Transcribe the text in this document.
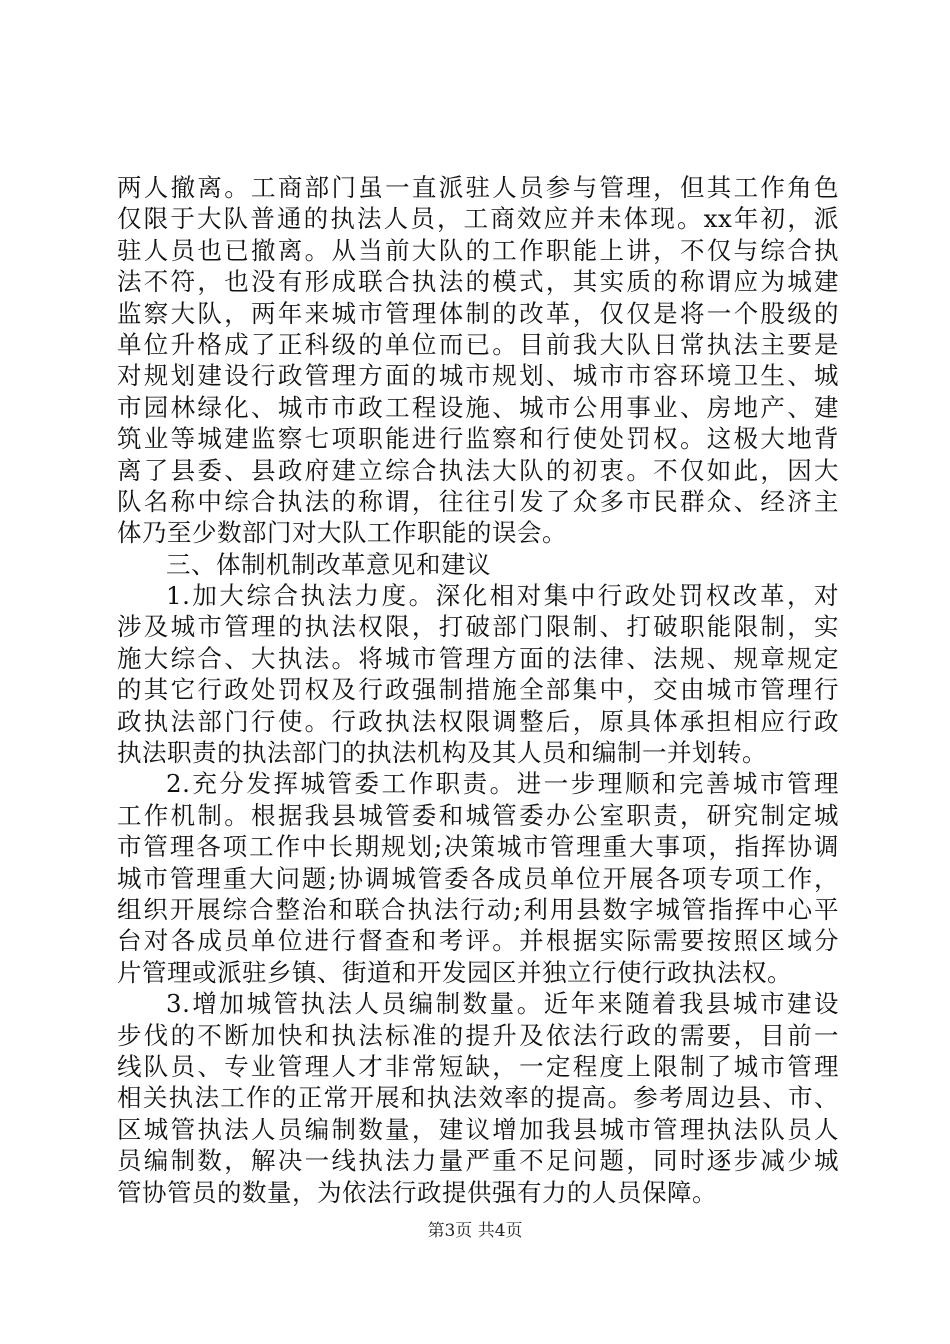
两人撤离。工商部门虽一直派驻人员参与管理，但其工作角色
仅限于大队普通的执法人员，工商效应并未体现。xx年初，派
驻人员也已撤离。从当前大队的工作职能上讲，不仅与综合执
法不符，也没有形成联合执法的模式，其实质的称谓应为城建
监察大队，两年来城市管理体制的改革，仅仅是将一个股级的
单位升格成了正科级的单位而已。目前我大队日常执法主要是
对规划建设行政管理方面的城市规划、城市市容环境卫生、城
市园林绿化、城市市政工程设施、城市公用事业、房地产、建
筑业等城建监察七项职能进行监察和行使处罚权。这极大地背
离了县委、县政府建立综合执法大队的初衷。不仅如此，因大
队名称中综合执法的称谓，往往引发了众多市民群众、经济主
体乃至少数部门对大队工作职能的误会。
三、体制机制改革意见和建议
1.加大综合执法力度。深化相对集中行政处罚权改革，对
涉及城市管理的执法权限，打破部门限制、打破职能限制，实
施大综合、大执法。将城市管理方面的法律、法规、规章规定
的其它行政处罚权及行政强制措施全部集中，交由城市管理行
政执法部门行使。行政执法权限调整后，原具体承担相应行政
执法职责的执法部门的执法机构及其人员和编制一并划转。
2.充分发挥城管委工作职责。进一步理顺和完善城市管理
工作机制。根据我县城管委和城管委办公室职责，研究制定城
市管理各项工作中长期规划;决策城市管理重大事项，指挥协调
城市管理重大问题;协调城管委各成员单位开展各项专项工作，
组织开展综合整治和联合执法行动;利用县数字城管指挥中心平
台对各成员单位进行督查和考评。并根据实际需要按照区域分
片管理或派驻乡镇、街道和开发园区并独立行使行政执法权。
3.增加城管执法人员编制数量。近年来随着我县城市建设
步伐的不断加快和执法标准的提升及依法行政的需要，目前一
线队员、专业管理人才非常短缺，一定程度上限制了城市管理
相关执法工作的正常开展和执法效率的提高。参考周边县、市、
区城管执法人员编制数量，建议增加我县城市管理执法队员人
员编制数，解决一线执法力量严重不足问题，同时逐步减少城
管协管员的数量，为依法行政提供强有力的人员保障。
第3页 共4页
